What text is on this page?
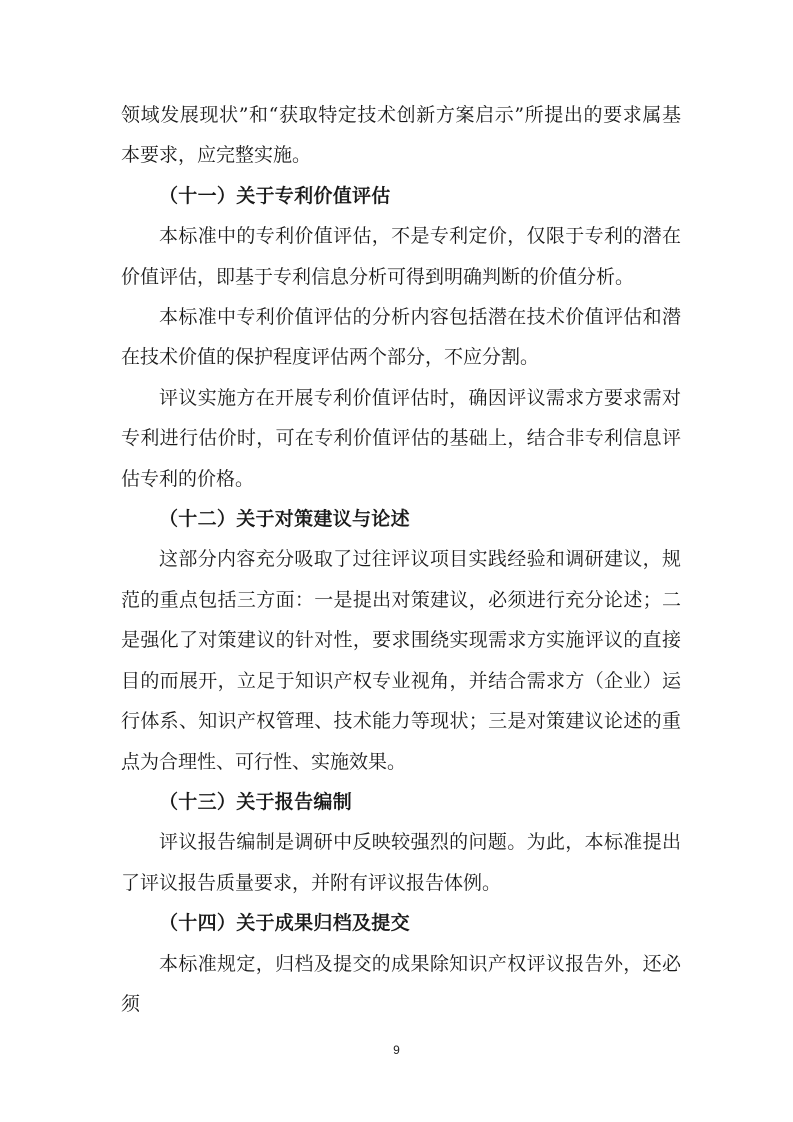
领域发展现状”和“获取特定技术创新方案启示”所提出的要求属基本要求，应完整实施。

（十一）关于专利价值评估

本标准中的专利价值评估，不是专利定价，仅限于专利的潜在价值评估，即基于专利信息分析可得到明确判断的价值分析。

本标准中专利价值评估的分析内容包括潜在技术价值评估和潜在技术价值的保护程度评估两个部分，不应分割。

评议实施方在开展专利价值评估时，确因评议需求方要求需对专利进行估价时，可在专利价值评估的基础上，结合非专利信息评估专利的价格。

（十二）关于对策建议与论述

这部分内容充分吸取了过往评议项目实践经验和调研建议，规范的重点包括三方面：一是提出对策建议，必须进行充分论述；二是强化了对策建议的针对性，要求围绕实现需求方实施评议的直接目的而展开，立足于知识产权专业视角，并结合需求方（企业）运行体系、知识产权管理、技术能力等现状；三是对策建议论述的重点为合理性、可行性、实施效果。

（十三）关于报告编制

评议报告编制是调研中反映较强烈的问题。为此，本标准提出了评议报告质量要求，并附有评议报告体例。

（十四）关于成果归档及提交

本标准规定，归档及提交的成果除知识产权评议报告外，还必须

9
